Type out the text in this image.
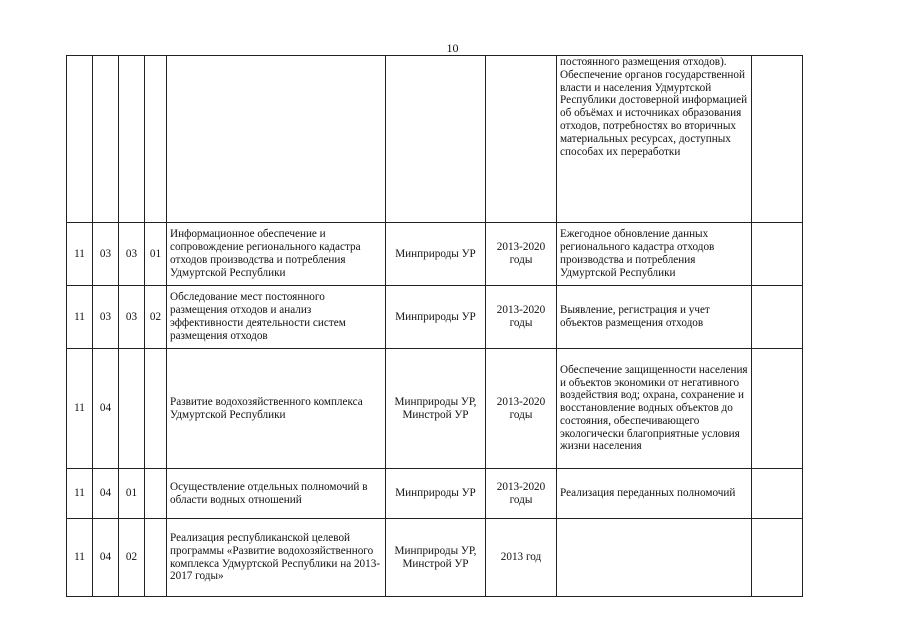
10
							постоянного размещения отходов). Обеспечение органов государственной власти и населения Удмуртской Республики достоверной информацией об объёмах и источниках образования отходов, потребностях во вторичных материальных ресурсах, доступных способах их переработки	
11	03	03	01	Информационное обеспечение и сопровождение регионального кадастра отходов производства и потребления Удмуртской Республики	Минприроды УР	2013-2020 годы	Ежегодное обновление данных регионального кадастра отходов производства и потребления Удмуртской Республики	
11	03	03	02	Обследование мест постоянного размещения отходов и анализ эффективности деятельности систем размещения отходов	Минприроды УР	2013-2020 годы	Выявление, регистрация и учет объектов размещения отходов	
11	04			Развитие водохозяйственного комплекса Удмуртской Республики	Минприроды УР, Минстрой УР	2013-2020 годы	Обеспечение защищенности населения и объектов экономики от негативного воздействия вод; охрана, сохранение и восстановление водных объектов до состояния, обеспечивающего экологически благоприятные условия жизни населения	
11	04	01		Осуществление отдельных полномочий в области водных отношений	Минприроды УР	2013-2020 годы	Реализация переданных полномочий	
11	04	02		Реализация республиканской целевой программы «Развитие водохозяйственного комплекса Удмуртской Республики на 2013-2017 годы»	Минприроды УР, Минстрой УР	2013 год		
